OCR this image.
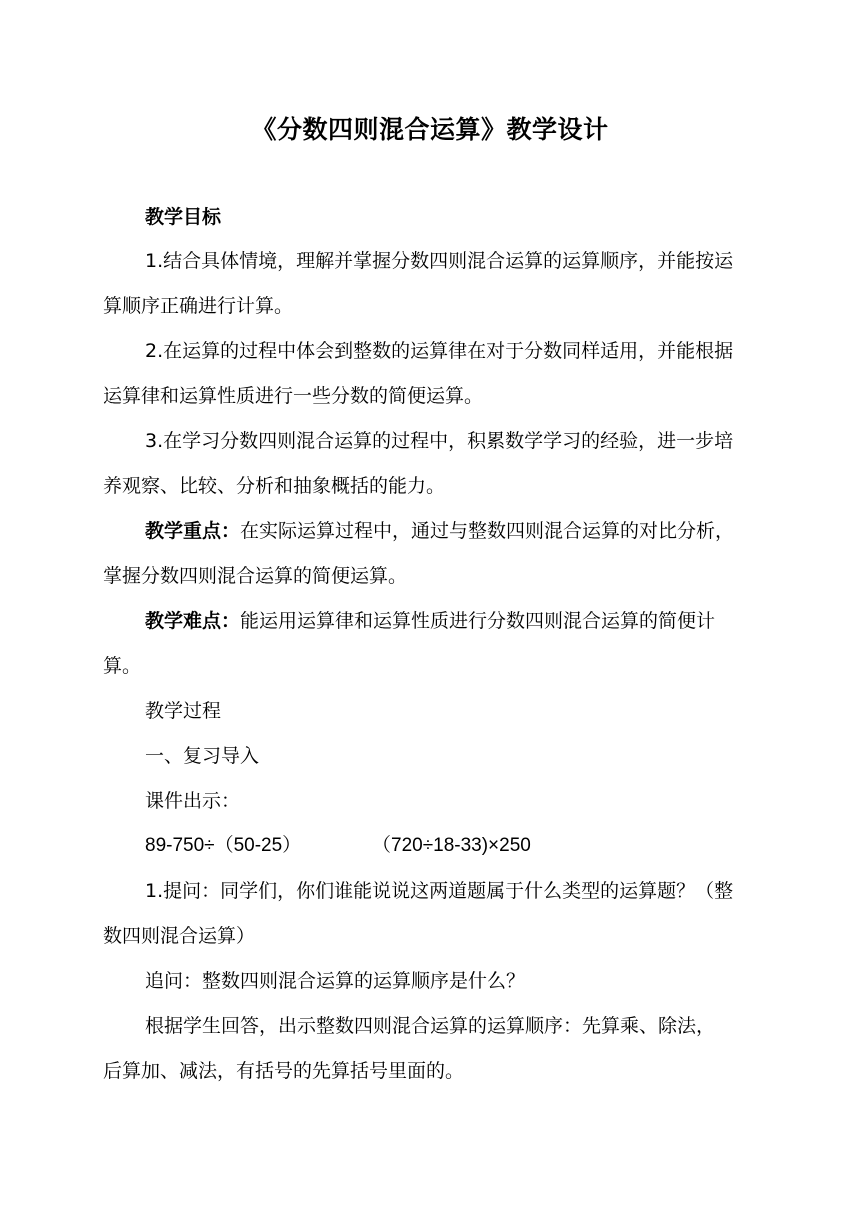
《分数四则混合运算》教学设计
教学目标
1.结合具体情境，理解并掌握分数四则混合运算的运算顺序，并能按运
算顺序正确进行计算。
2.在运算的过程中体会到整数的运算律在对于分数同样适用，并能根据
运算律和运算性质进行一些分数的简便运算。
3.在学习分数四则混合运算的过程中，积累数学学习的经验，进一步培
养观察、比较、分析和抽象概括的能力。
教学重点：在实际运算过程中，通过与整数四则混合运算的对比分析，
掌握分数四则混合运算的简便运算。
教学难点：能运用运算律和运算性质进行分数四则混合运算的简便计
算。
教学过程
一、复习导入
课件出示：
89-750÷（50-25）	（720÷18-33)×250
1.提问：同学们，你们谁能说说这两道题属于什么类型的运算题？（整
数四则混合运算）
追问：整数四则混合运算的运算顺序是什么？
根据学生回答，出示整数四则混合运算的运算顺序：先算乘、除法，
后算加、减法，有括号的先算括号里面的。
